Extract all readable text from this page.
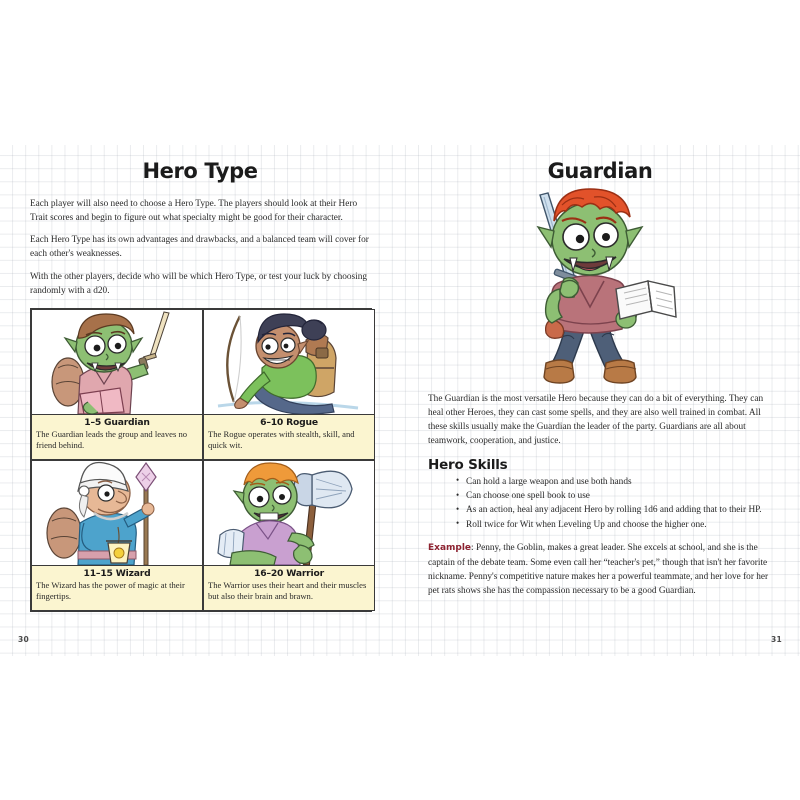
Hero Type

Each player will also need to choose a Hero Type. The players should look at their Hero Trait scores and begin to figure out what specialty might be good for their character.

Each Hero Type has its own advantages and drawbacks, and a balanced team will cover for each other's weaknesses.

With the other players, decide who will be which Hero Type, or test your luck by choosing randomly with a d20.

1–5 Guardian
The Guardian leads the group and leaves no friend behind.
6–10 Rogue
The Rogue operates with stealth, skill, and quick wit.
11–15 Wizard
The Wizard has the power of magic at their fingertips.
16–20 Warrior
The Warrior uses their heart and their muscles but also their brain and brawn.
30
Guardian

The Guardian is the most versatile Hero because they can do a bit of everything. They can heal other Heroes, they can cast some spells, and they are also well trained in combat. All these skills usually make the Guardian the leader of the party. Guardians are all about teamwork, cooperation, and justice.

Hero Skills
• Can hold a large weapon and use both hands
• Can choose one spell book to use
• As an action, heal any adjacent Hero by rolling 1d6 and adding that to their HP.
• Roll twice for Wit when Leveling Up and choose the higher one.

Example: Penny, the Goblin, makes a great leader. She excels at school, and she is the captain of the debate team. Some even call her “teacher's pet,” though that isn't her favorite nickname. Penny's competitive nature makes her a powerful teammate, and her love for her pet rats shows she has the compassion necessary to be a good Guardian.

31
